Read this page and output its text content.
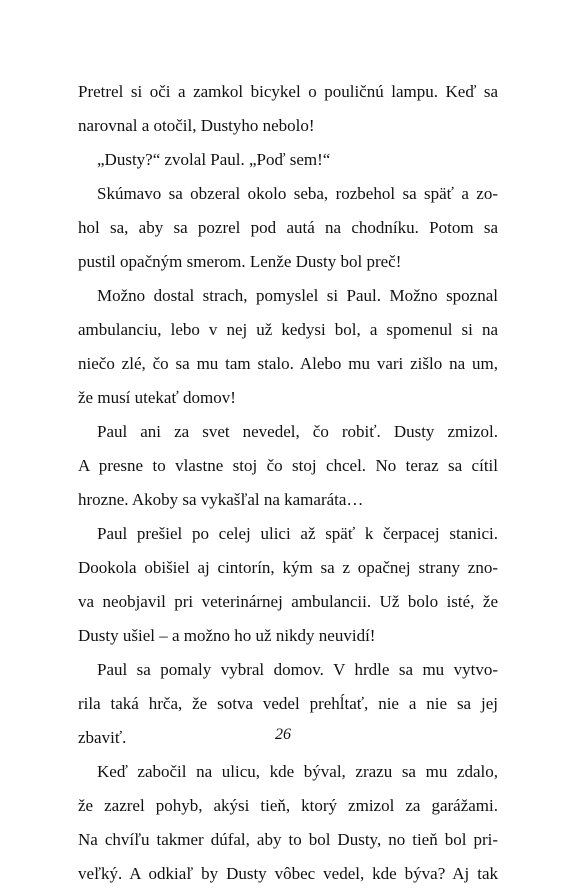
Pretrel si oči a zamkol bicykel o pouličnú lampu. Keď sa
narovnal a otočil, Dustyho nebolo!
„Dusty?“ zvolal Paul. „Poď sem!“
Skúmavo sa obzeral okolo seba, rozbehol sa späť a zo-
hol sa, aby sa pozrel pod autá na chodníku. Potom sa
pustil opačným smerom. Lenže Dusty bol preč!
Možno dostal strach, pomyslel si Paul. Možno spoznal
ambulanciu, lebo v nej už kedysi bol, a spomenul si na
niečo zlé, čo sa mu tam stalo. Alebo mu vari zišlo na um,
že musí utekať domov!
Paul ani za svet nevedel, čo robiť. Dusty zmizol.
A presne to vlastne stoj čo stoj chcel. No teraz sa cítil
hrozne. Akoby sa vykašľal na kamaráta…
Paul prešiel po celej ulici až späť k čerpacej stanici.
Dookola obišiel aj cintorín, kým sa z opačnej strany zno-
va neobjavil pri veterinárnej ambulancii. Už bolo isté, že
Dusty ušiel – a možno ho už nikdy neuvidí!
Paul sa pomaly vybral domov. V hrdle sa mu vytvo-
rila taká hrča, že sotva vedel prehĺtať, nie a nie sa jej
zbaviť.
Keď zabočil na ulicu, kde býval, zrazu sa mu zdalo,
že zazrel pohyb, akýsi tieň, ktorý zmizol za garážami.
Na chvíľu takmer dúfal, aby to bol Dusty, no tieň bol pri-
veľký. A odkiaľ by Dusty vôbec vedel, kde býva? Aj tak
26
